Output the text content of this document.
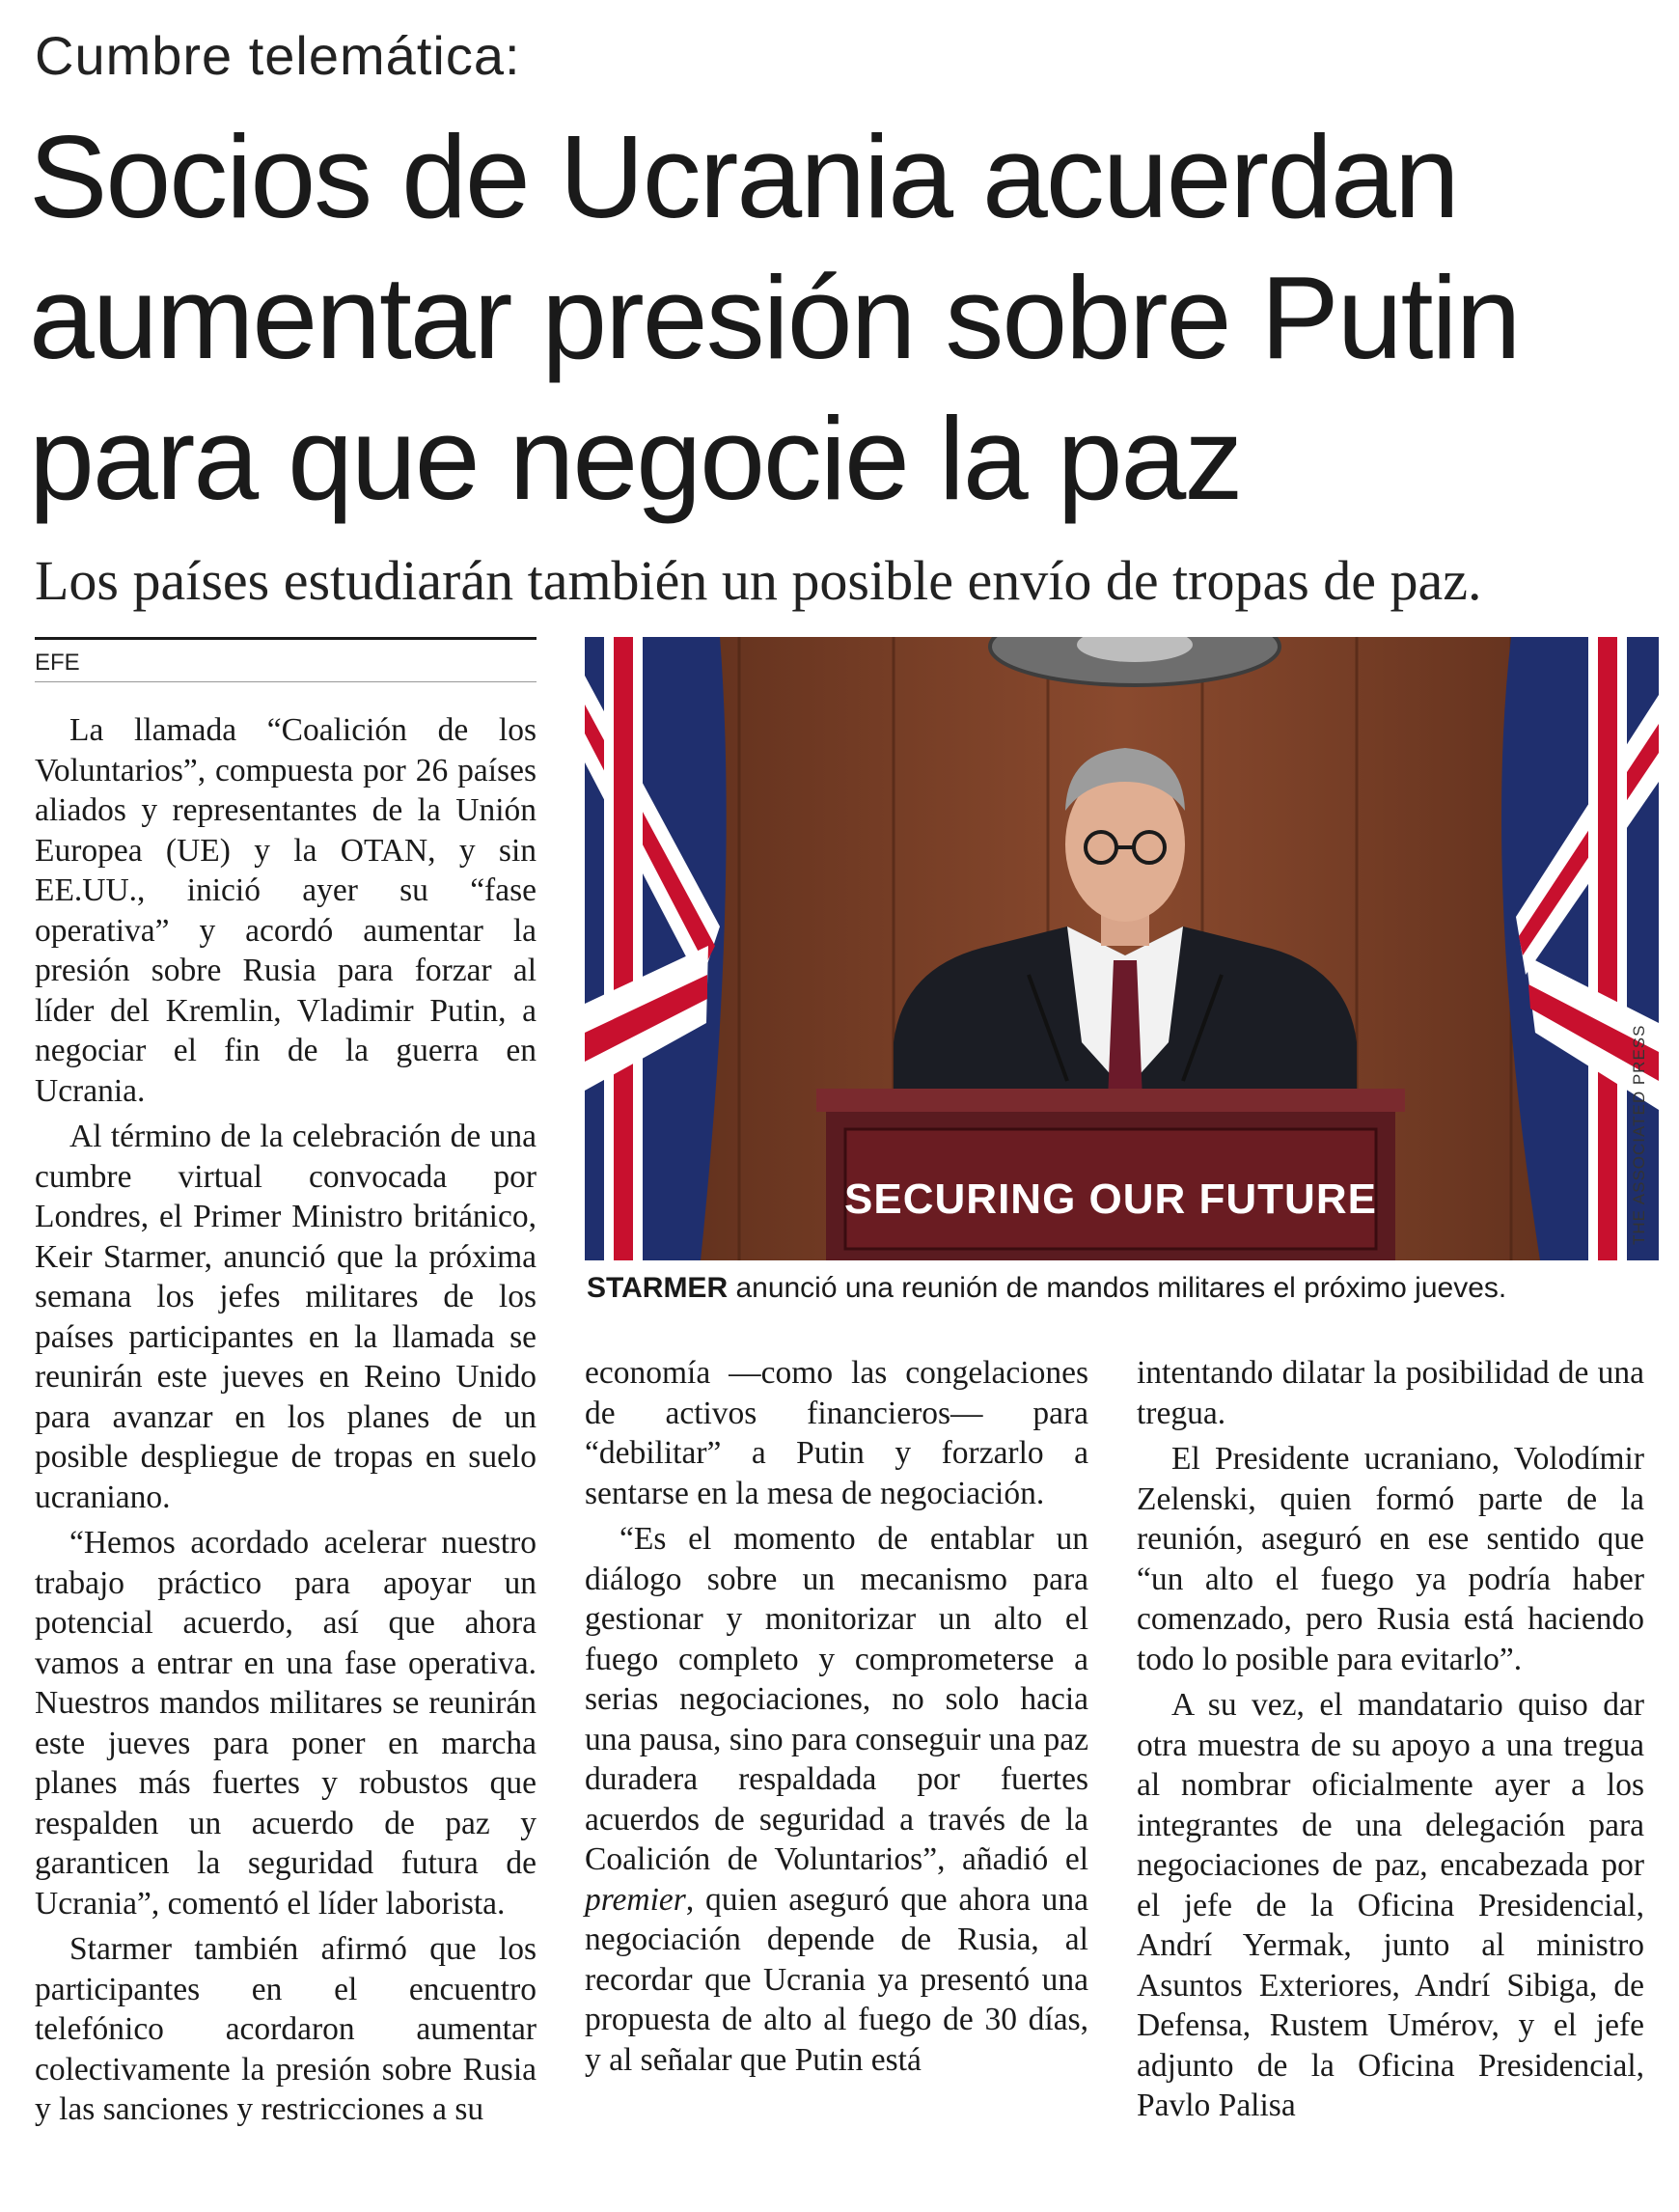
Cumbre telemática:
Socios de Ucrania acuerdan aumentar presión sobre Putin para que negocie la paz
Los países estudiarán también un posible envío de tropas de paz.
EFE

La llamada “Coalición de los Voluntarios”, compuesta por 26 países aliados y representantes de la Unión Europea (UE) y la OTAN, y sin EE.UU., inició ayer su “fase operativa” y acordó aumentar la presión sobre Rusia para forzar al líder del Kremlin, Vladimir Putin, a negociar el fin de la guerra en Ucrania.

Al término de la celebración de una cumbre virtual convocada por Londres, el Primer Ministro británico, Keir Starmer, anunció que la próxima semana los jefes militares de los países participantes en la llamada se reunirán este jueves en Reino Unido para avanzar en los planes de un posible despliegue de tropas en suelo ucraniano.

“Hemos acordado acelerar nuestro trabajo práctico para apoyar un potencial acuerdo, así que ahora vamos a entrar en una fase operativa. Nuestros mandos militares se reunirán este jueves para poner en marcha planes más fuertes y robustos que respalden un acuerdo de paz y garanticen la seguridad futura de Ucrania”, comentó el líder laborista.

Starmer también afirmó que los participantes en el encuentro telefónico acordaron aumentar colectivamente la presión sobre Rusia y las sanciones y restricciones a su

SECURING OUR FUTURE	THE ASSOCIATED PRESS
STARMER anunció una reunión de mandos militares el próximo jueves.

economía —como las congelaciones de activos financieros— para “debilitar” a Putin y forzarlo a sentarse en la mesa de negociación.

“Es el momento de entablar un diálogo sobre un mecanismo para gestionar y monitorizar un alto el fuego completo y comprometerse a serias negociaciones, no solo hacia una pausa, sino para conseguir una paz duradera respaldada por fuertes acuerdos de seguridad a través de la Coalición de Voluntarios”, añadió el premier, quien aseguró que ahora una negociación depende de Rusia, al recordar que Ucrania ya presentó una propuesta de alto al fuego de 30 días, y al señalar que Putin está

intentando dilatar la posibilidad de una tregua.

El Presidente ucraniano, Volodímir Zelenski, quien formó parte de la reunión, aseguró en ese sentido que “un alto el fuego ya podría haber comenzado, pero Rusia está haciendo todo lo posible para evitarlo”.

A su vez, el mandatario quiso dar otra muestra de su apoyo a una tregua al nombrar oficialmente ayer a los integrantes de una delegación para negociaciones de paz, encabezada por el jefe de la Oficina Presidencial, Andrí Yermak, junto al ministro Asuntos Exteriores, Andrí Sibiga, de Defensa, Rustem Umérov, y el jefe adjunto de la Oficina Presidencial, Pavlo Palisa
